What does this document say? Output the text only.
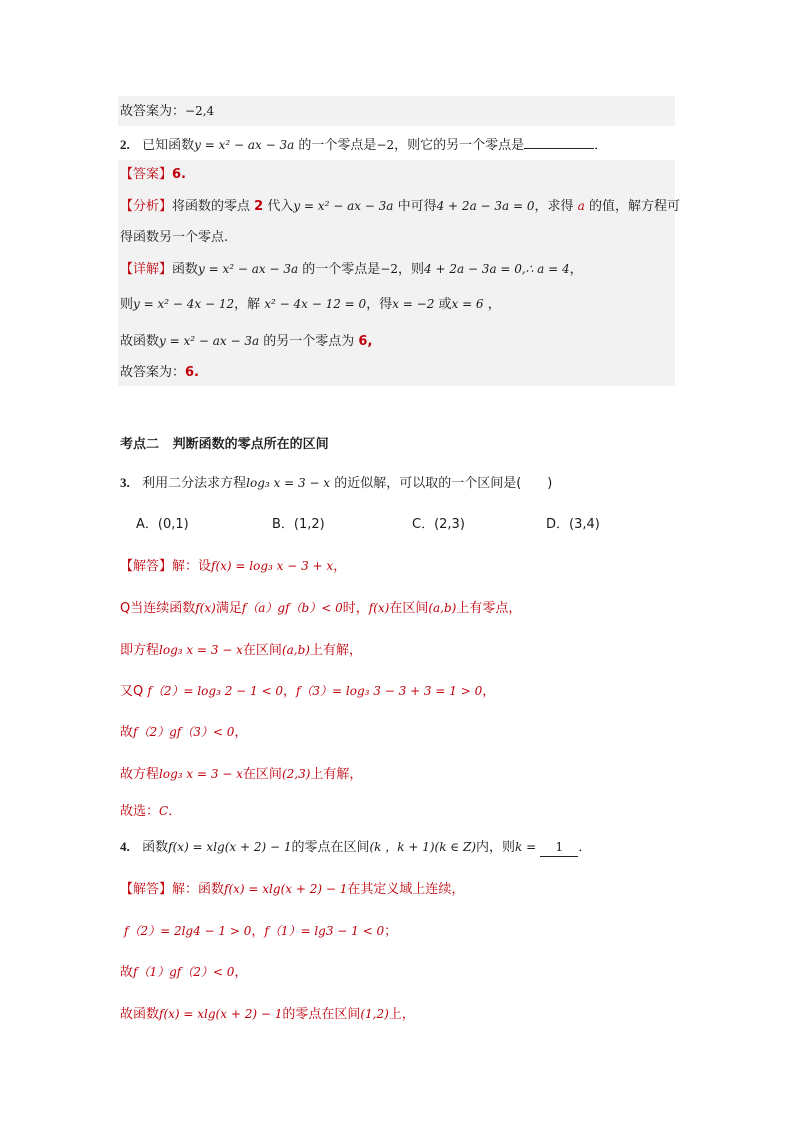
故答案为：−2,4
2. 已知函数y = x² − ax − 3a 的一个零点是−2，则它的另一个零点是	．
【答案】6.
【分析】将函数的零点 2 代入y = x² − ax − 3a 中可得4 + 2a − 3a = 0，求得 a 的值，解方程可
得函数另一个零点.
【详解】函数y = x² − ax − 3a 的一个零点是−2，则4 + 2a − 3a = 0,∴ a = 4，
则y = x² − 4x − 12，解 x² − 4x − 12 = 0，得x = −2 或x = 6 ，
故函数y = x² − ax − 3a 的另一个零点为 6,
故答案为：6.
考点二 判断函数的零点所在的区间
3. 利用二分法求方程log₃ x = 3 − x 的近似解，可以取的一个区间是(　　)
A．(0,1)	B．(1,2)	C．(2,3)	D．(3,4)
【解答】解：设f(x) = log₃ x − 3 + x，
Q当连续函数f(x)满足f（a）gf（b）< 0时，f(x)在区间(a,b)上有零点，
即方程log₃ x = 3 − x在区间(a,b)上有解，
又Q f（2）= log₃ 2 − 1 < 0，f（3）= log₃ 3 − 3 + 3 = 1 > 0，
故f（2）gf（3）< 0，
故方程log₃ x = 3 − x在区间(2,3)上有解，
故选：C．
4. 函数f(x) = xlg(x + 2) − 1的零点在区间(k ，k + 1)(k ∈ Z)内，则k = 1 ．
【解答】解：函数f(x) = xlg(x + 2) − 1在其定义域上连续，
f（2）= 2lg4 − 1 > 0，f（1）= lg3 − 1 < 0；
故f（1）gf（2）< 0，
故函数f(x) = xlg(x + 2) − 1的零点在区间(1,2)上，
